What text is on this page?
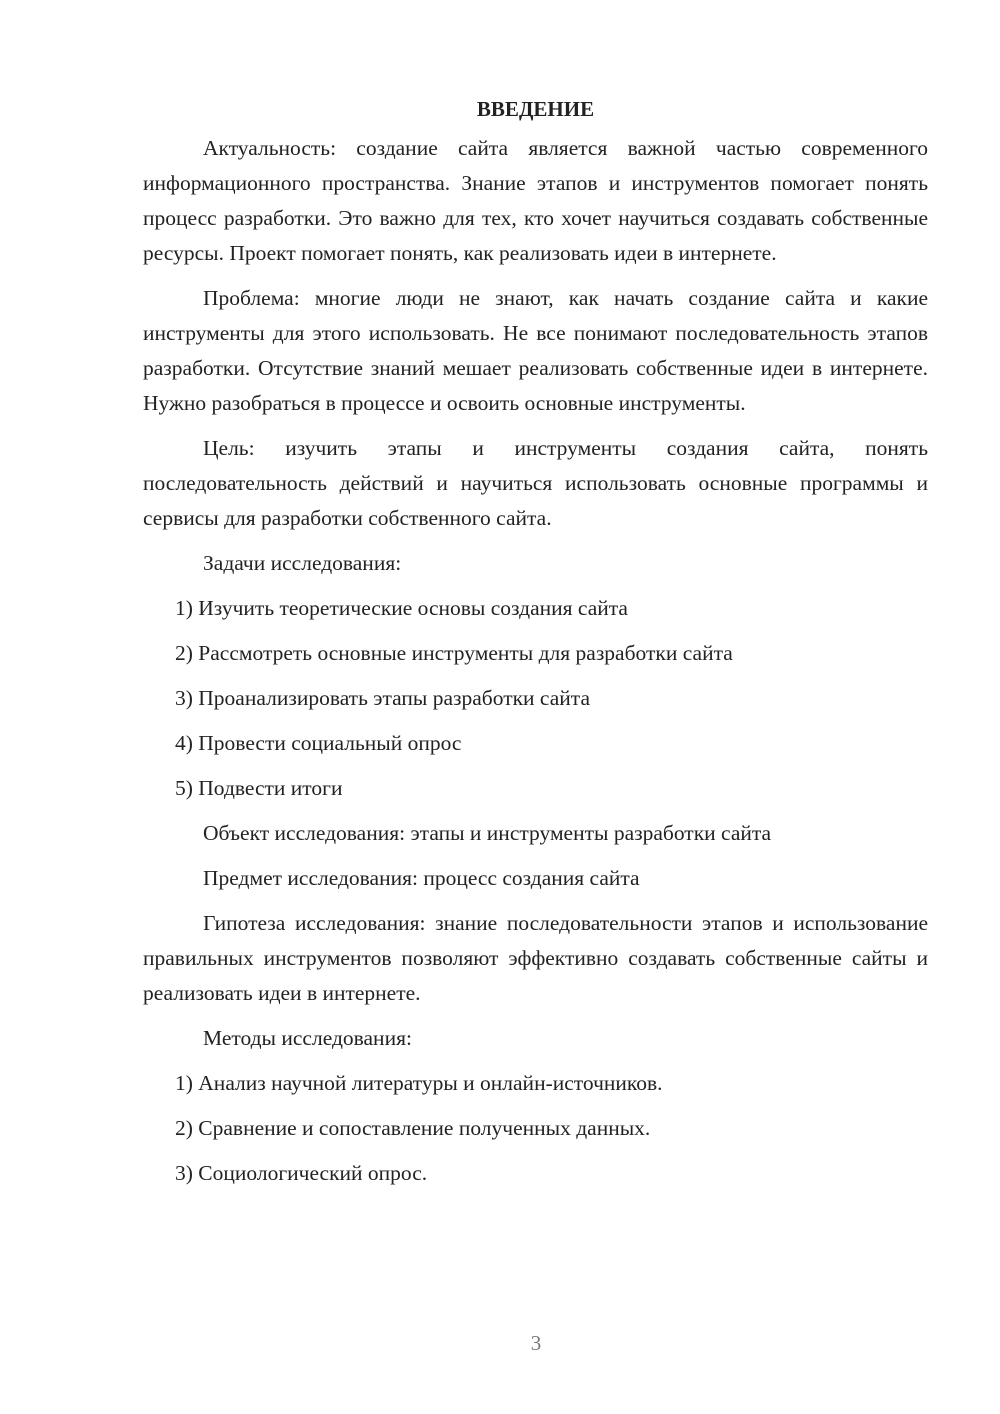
ВВЕДЕНИЕ

Актуальность: создание сайта является важной частью современного информационного пространства. Знание этапов и инструментов помогает понять процесс разработки. Это важно для тех, кто хочет научиться создавать собственные ресурсы. Проект помогает понять, как реализовать идеи в интернете.

Проблема: многие люди не знают, как начать создание сайта и какие инструменты для этого использовать. Не все понимают последовательность этапов разработки. Отсутствие знаний мешает реализовать собственные идеи в интернете. Нужно разобраться в процессе и освоить основные инструменты.

Цель: изучить этапы и инструменты создания сайта, понять последовательность действий и научиться использовать основные программы и сервисы для разработки собственного сайта.

Задачи исследования:
1) Изучить теоретические основы создания сайта
2) Рассмотреть основные инструменты для разработки сайта
3) Проанализировать этапы разработки сайта
4) Провести социальный опрос
5) Подвести итоги
Объект исследования: этапы и инструменты разработки сайта
Предмет исследования: процесс создания сайта

Гипотеза исследования: знание последовательности этапов и использование правильных инструментов позволяют эффективно создавать собственные сайты и реализовать идеи в интернете.

Методы исследования:
1) Анализ научной литературы и онлайн-источников.
2) Сравнение и сопоставление полученных данных.
3) Социологический опрос.
3
